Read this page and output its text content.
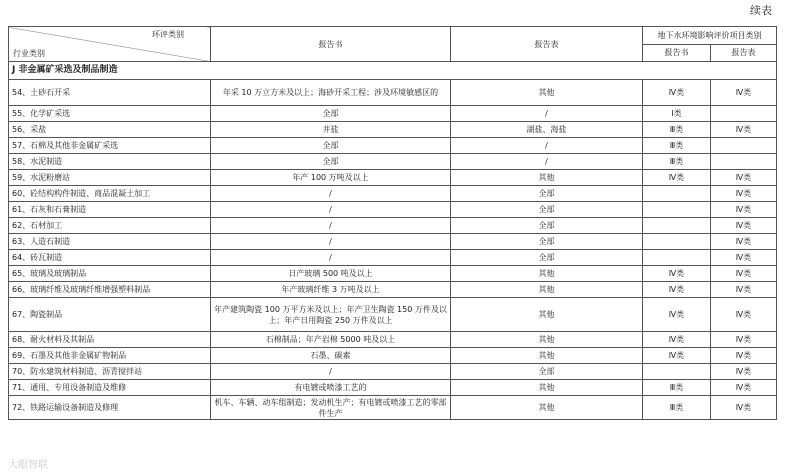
续表
环评类别
行业类别	报告书	报告表	地下水环境影响评价项目类别	
			报告书	报告表
J 非金属矿采选及制品制造				
54、土砂石开采	年采 10 万立方米及以上；海砂开采工程；涉及环境敏感区的	其他	Ⅳ类	Ⅳ类
55、化学矿采选	全部	/	Ⅰ类	
56、采盐	井盐	湖盐、海盐	Ⅲ类	Ⅳ类
57、石棉及其他非金属矿采选	全部	/	Ⅲ类	
58、水泥制造	全部	/	Ⅲ类	
59、水泥粉磨站	年产 100 万吨及以上	其他	Ⅳ类	Ⅳ类
60、砼结构构件制造、商品混凝土加工	/	全部		Ⅳ类
61、石灰和石膏制造	/	全部		Ⅳ类
62、石材加工	/	全部		Ⅳ类
63、人造石制造	/	全部		Ⅳ类
64、砖瓦制造	/	全部		Ⅳ类
65、玻璃及玻璃制品	日产玻璃 500 吨及以上	其他	Ⅳ类	Ⅳ类
66、玻璃纤维及玻璃纤维增强塑料制品	年产玻璃纤维 3 万吨及以上	其他	Ⅳ类	Ⅳ类
67、陶瓷制品	年产建筑陶瓷 100 万平方米及以上；年产卫生陶瓷 150 万件及以上；年产日用陶瓷 250 万件及以上	其他	Ⅳ类	Ⅳ类
68、耐火材料及其制品	石棉制品；年产岩棉 5000 吨及以上	其他	Ⅳ类	Ⅳ类
69、石墨及其他非金属矿物制品	石墨、碳素	其他	Ⅳ类	Ⅳ类
70、防水建筑材料制造、沥青搅拌站	/	全部		Ⅳ类
71、通用、专用设备制造及维修	有电镀或喷漆工艺的	其他	Ⅲ类	Ⅳ类
72、铁路运输设备制造及修理	机车、车辆、动车组制造；发动机生产；有电镀或喷漆工艺的零部件生产	其他	Ⅲ类	Ⅳ类
大眼智联
